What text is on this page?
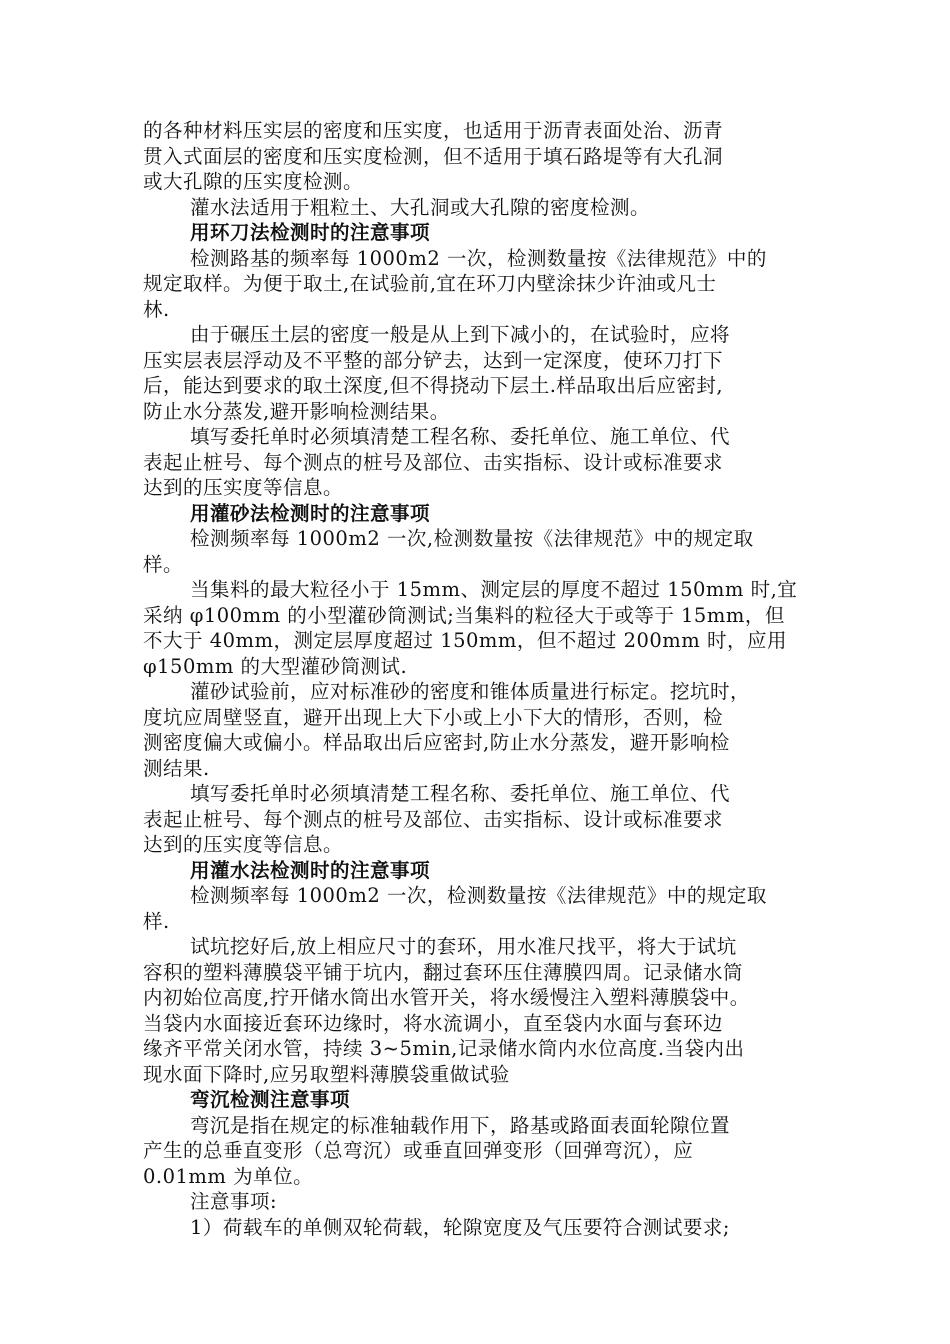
的各种材料压实层的密度和压实度，也适用于沥青表面处治、沥青
贯入式面层的密度和压实度检测，但不适用于填石路堤等有大孔洞
或大孔隙的压实度检测。
灌水法适用于粗粒土、大孔洞或大孔隙的密度检测。
用环刀法检测时的注意事项
检测路基的频率每 1000m2 一次，检测数量按《法律规范》中的
规定取样。为便于取土,在试验前,宜在环刀内壁涂抹少许油或凡士
林.
由于碾压土层的密度一般是从上到下减小的，在试验时，应将
压实层表层浮动及不平整的部分铲去，达到一定深度，使环刀打下
后，能达到要求的取土深度,但不得挠动下层土.样品取出后应密封,
防止水分蒸发,避开影响检测结果。
填写委托单时必须填清楚工程名称、委托单位、施工单位、代
表起止桩号、每个测点的桩号及部位、击实指标、设计或标准要求
达到的压实度等信息。
用灌砂法检测时的注意事项
检测频率每 1000m2 一次,检测数量按《法律规范》中的规定取
样。
当集料的最大粒径小于 15mm、测定层的厚度不超过 150mm 时,宜
采纳 φ100mm 的小型灌砂筒测试;当集料的粒径大于或等于 15mm，但
不大于 40mm，测定层厚度超过 150mm，但不超过 200mm 时，应用
φ150mm 的大型灌砂筒测试.
灌砂试验前，应对标准砂的密度和锥体质量进行标定。挖坑时，
度坑应周壁竖直，避开出现上大下小或上小下大的情形，否则，检
测密度偏大或偏小。样品取出后应密封,防止水分蒸发，避开影响检
测结果.
填写委托单时必须填清楚工程名称、委托单位、施工单位、代
表起止桩号、每个测点的桩号及部位、击实指标、设计或标准要求
达到的压实度等信息。
用灌水法检测时的注意事项
检测频率每 1000m2 一次，检测数量按《法律规范》中的规定取
样.
试坑挖好后,放上相应尺寸的套环，用水准尺找平，将大于试坑
容积的塑料薄膜袋平铺于坑内，翻过套环压住薄膜四周。记录储水筒
内初始位高度,拧开储水筒出水管开关，将水缓慢注入塑料薄膜袋中。
当袋内水面接近套环边缘时，将水流调小，直至袋内水面与套环边
缘齐平常关闭水管，持续 3~5min,记录储水筒内水位高度.当袋内出
现水面下降时,应另取塑料薄膜袋重做试验
弯沉检测注意事项
弯沉是指在规定的标准轴载作用下，路基或路面表面轮隙位置
产生的总垂直变形（总弯沉）或垂直回弹变形（回弹弯沉），应
0.01mm 为单位。
注意事项:
1）荷载车的单侧双轮荷载，轮隙宽度及气压要符合测试要求;
